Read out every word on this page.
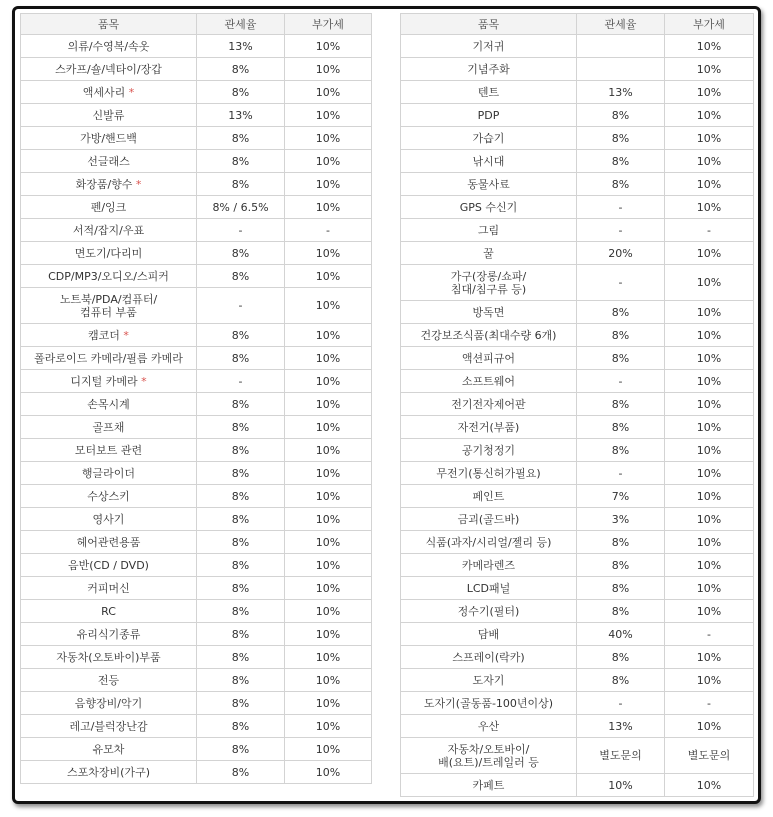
품목	관세율	부가세
의류/수영복/속옷	13%	10%
스카프/숄/넥타이/장갑	8%	10%
액세사리 *	8%	10%
신발류	13%	10%
가방/핸드백	8%	10%
선글래스	8%	10%
화장품/향수 *	8%	10%
펜/잉크	8% / 6.5%	10%
서적/잡지/우표	-	-
면도기/다리미	8%	10%
CDP/MP3/오디오/스피커	8%	10%
노트북/PDA/컴퓨터/
컴퓨터 부품	-	10%
캠코더 *	8%	10%
폴라로이드 카메라/필름 카메라	8%	10%
디지털 카메라 *	-	10%
손목시계	8%	10%
골프채	8%	10%
모터보트 관련	8%	10%
행글라이더	8%	10%
수상스키	8%	10%
영사기	8%	10%
헤어관련용품	8%	10%
음반(CD / DVD)	8%	10%
커피머신	8%	10%
RC	8%	10%
유리식기종류	8%	10%
자동차(오토바이)부품	8%	10%
전등	8%	10%
음향장비/악기	8%	10%
레고/블럭장난감	8%	10%
유모차	8%	10%
스포차장비(가구)	8%	10%
품목	관세율	부가세
기저귀		10%
기념주화		10%
텐트	13%	10%
PDP	8%	10%
가습기	8%	10%
낚시대	8%	10%
동물사료	8%	10%
GPS 수신기	-	10%
그림	-	-
꿀	20%	10%
가구(장롱/쇼파/
침대/침구류 등)	-	10%
방독면	8%	10%
건강보조식품(최대수량 6개)	8%	10%
액션피규어	8%	10%
소프트웨어	-	10%
전기전자제어판	8%	10%
자전거(부품)	8%	10%
공기청정기	8%	10%
무전기(통신허가필요)	-	10%
페인트	7%	10%
금괴(골드바)	3%	10%
식품(과자/시리얼/젤리 등)	8%	10%
카메라렌즈	8%	10%
LCD패널	8%	10%
정수기(필터)	8%	10%
담배	40%	-
스프레이(락카)	8%	10%
도자기	8%	10%
도자기(골동품-100년이상)	-	-
우산	13%	10%
자동차/오토바이/
배(요트)/트레일러 등	별도문의	별도문의
카페트	10%	10%
